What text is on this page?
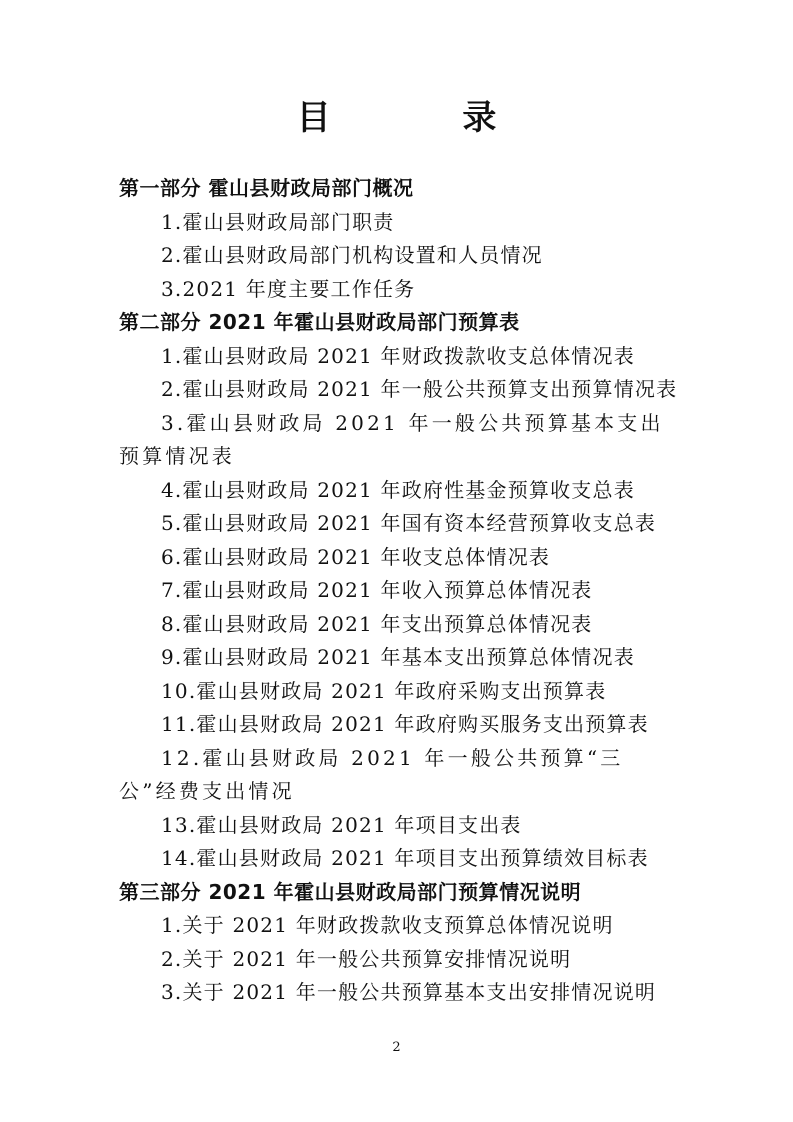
目 录
第一部分 霍山县财政局部门概况
1.霍山县财政局部门职责
2.霍山县财政局部门机构设置和人员情况
3.2021 年度主要工作任务
第二部分 2021 年霍山县财政局部门预算表
1.霍山县财政局 2021 年财政拨款收支总体情况表
2.霍山县财政局 2021 年一般公共预算支出预算情况表
3.霍山县财政局 2021 年一般公共预算基本支出预算情况表
4.霍山县财政局 2021 年政府性基金预算收支总表
5.霍山县财政局 2021 年国有资本经营预算收支总表
6.霍山县财政局 2021 年收支总体情况表
7.霍山县财政局 2021 年收入预算总体情况表
8.霍山县财政局 2021 年支出预算总体情况表
9.霍山县财政局 2021 年基本支出预算总体情况表
10.霍山县财政局 2021 年政府采购支出预算表
11.霍山县财政局 2021 年政府购买服务支出预算表
12.霍山县财政局 2021 年一般公共预算“三公”经费支出情况
13.霍山县财政局 2021 年项目支出表
14.霍山县财政局 2021 年项目支出预算绩效目标表
第三部分 2021 年霍山县财政局部门预算情况说明
1.关于 2021 年财政拨款收支预算总体情况说明
2.关于 2021 年一般公共预算安排情况说明
3.关于 2021 年一般公共预算基本支出安排情况说明
2
